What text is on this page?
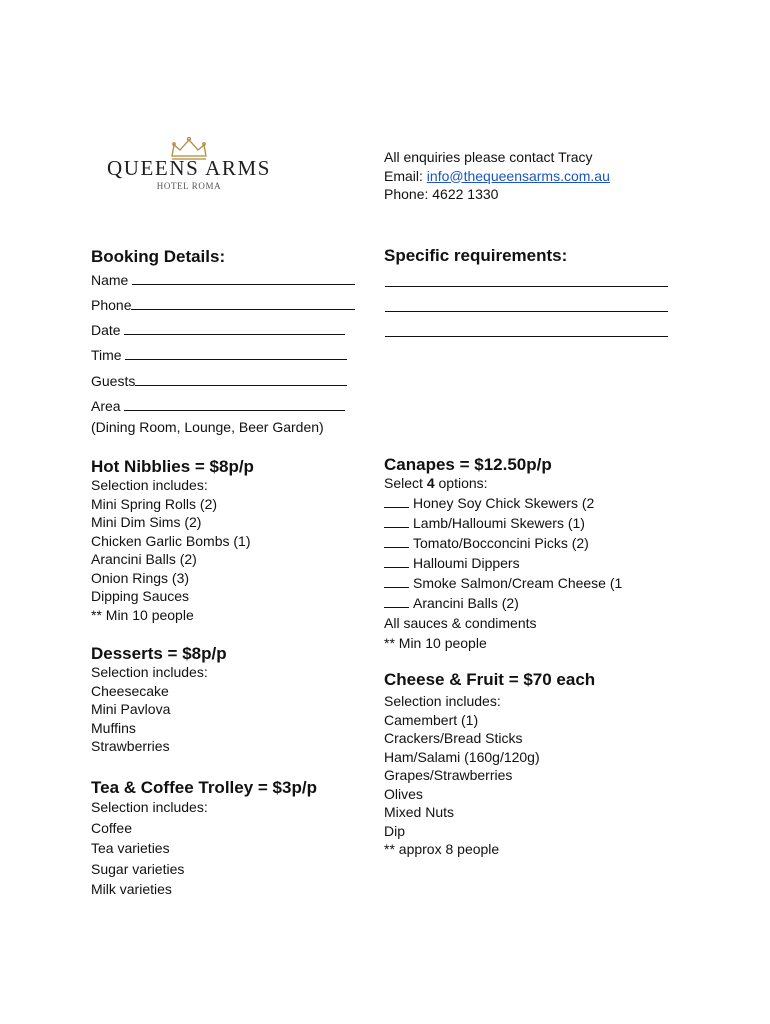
QUEENS ARMS
HOTEL ROMA
All enquiries please contact Tracy
Email: info@thequeensarms.com.au
Phone: 4622 1330
Booking Details:
Name
Phone
Date
Time
Guests
Area
(Dining Room, Lounge, Beer Garden)
Specific requirements:
Hot Nibblies = $8p/p
Selection includes:
Mini Spring Rolls (2)
Mini Dim Sims (2)
Chicken Garlic Bombs (1)
Arancini Balls (2)
Onion Rings (3)
Dipping Sauces
** Min 10 people
Canapes = $12.50p/p
Select 4 options:
Honey Soy Chick Skewers (2
Lamb/Halloumi Skewers (1)
Tomato/Bocconcini Picks (2)
Halloumi Dippers
Smoke Salmon/Cream Cheese (1
Arancini Balls (2)
All sauces & condiments
** Min 10 people
Desserts = $8p/p
Selection includes:
Cheesecake
Mini Pavlova
Muffins
Strawberries
Cheese & Fruit = $70 each
Selection includes:
Camembert (1)
Crackers/Bread Sticks
Ham/Salami (160g/120g)
Grapes/Strawberries
Olives
Mixed Nuts
Dip
** approx 8 people
Tea & Coffee Trolley = $3p/p
Selection includes:
Coffee
Tea varieties
Sugar varieties
Milk varieties
